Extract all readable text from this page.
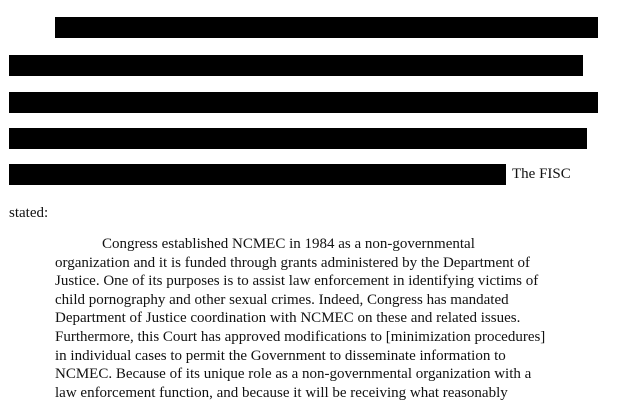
The FISC
stated:
Congress established NCMEC in 1984 as a non-governmental
organization and it is funded through grants administered by the Department of
Justice. One of its purposes is to assist law enforcement in identifying victims of
child pornography and other sexual crimes. Indeed, Congress has mandated
Department of Justice coordination with NCMEC on these and related issues.
Furthermore, this Court has approved modifications to [minimization procedures]
in individual cases to permit the Government to disseminate information to
NCMEC. Because of its unique role as a non-governmental organization with a
law enforcement function, and because it will be receiving what reasonably
